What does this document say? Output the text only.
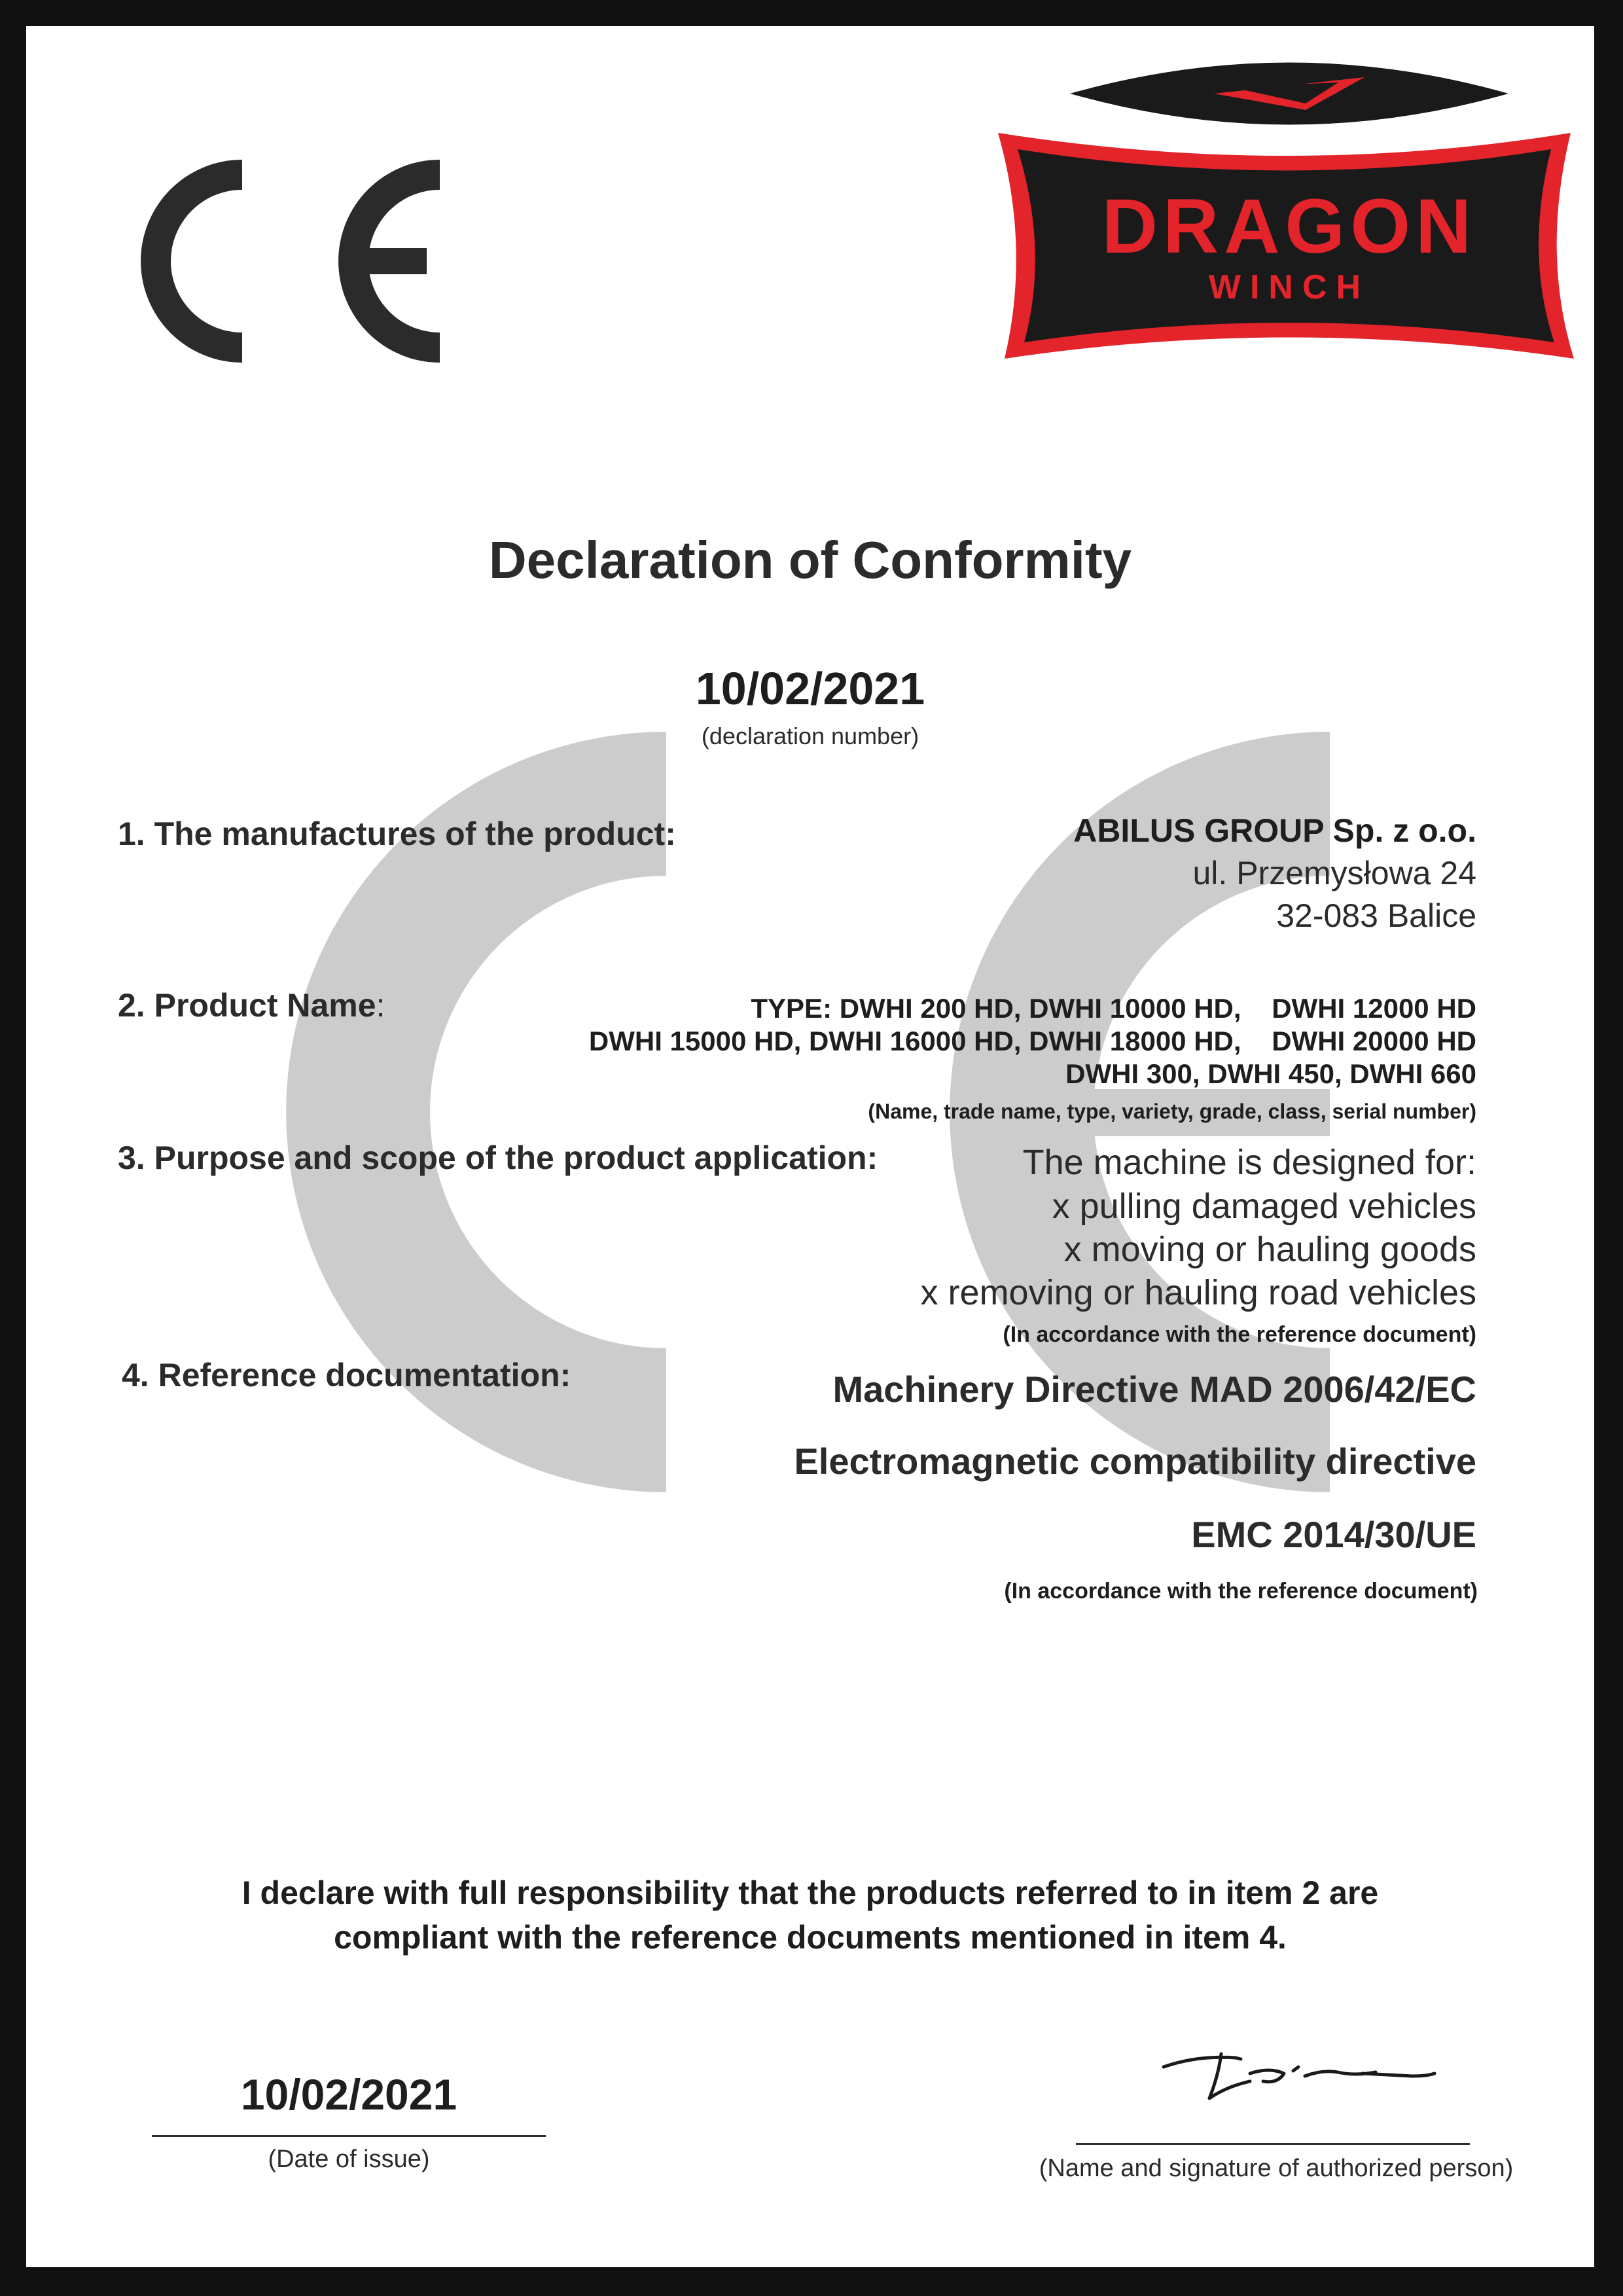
DRAGON
WINCH
Declaration of Conformity
10/02/2021
(declaration number)
1. The manufactures of the product:	ABILUS GROUP Sp. z o.o.
ul. Przemysłowa 24
32-083 Balice
2. Product Name:	TYPE: DWHI 200 HD, DWHI 10000 HD,    DWHI 12000 HD
DWHI 15000 HD, DWHI 16000 HD, DWHI 18000 HD,    DWHI 20000 HD
DWHI 300, DWHI 450, DWHI 660
(Name, trade name, type, variety, grade, class, serial number)
3. Purpose and scope of the product application:	The machine is designed for:
x pulling damaged vehicles
x moving or hauling goods
x removing or hauling road vehicles
(In accordance with the reference document)
4. Reference documentation:	Machinery Directive MAD 2006/42/EC
Electromagnetic compatibility directive
EMC 2014/30/UE
(In accordance with the reference document)
I declare with full responsibility that the products referred to in item 2 are
compliant with the reference documents mentioned in item 4.
10/02/2021
(Date of issue)	(Name and signature of authorized person)
